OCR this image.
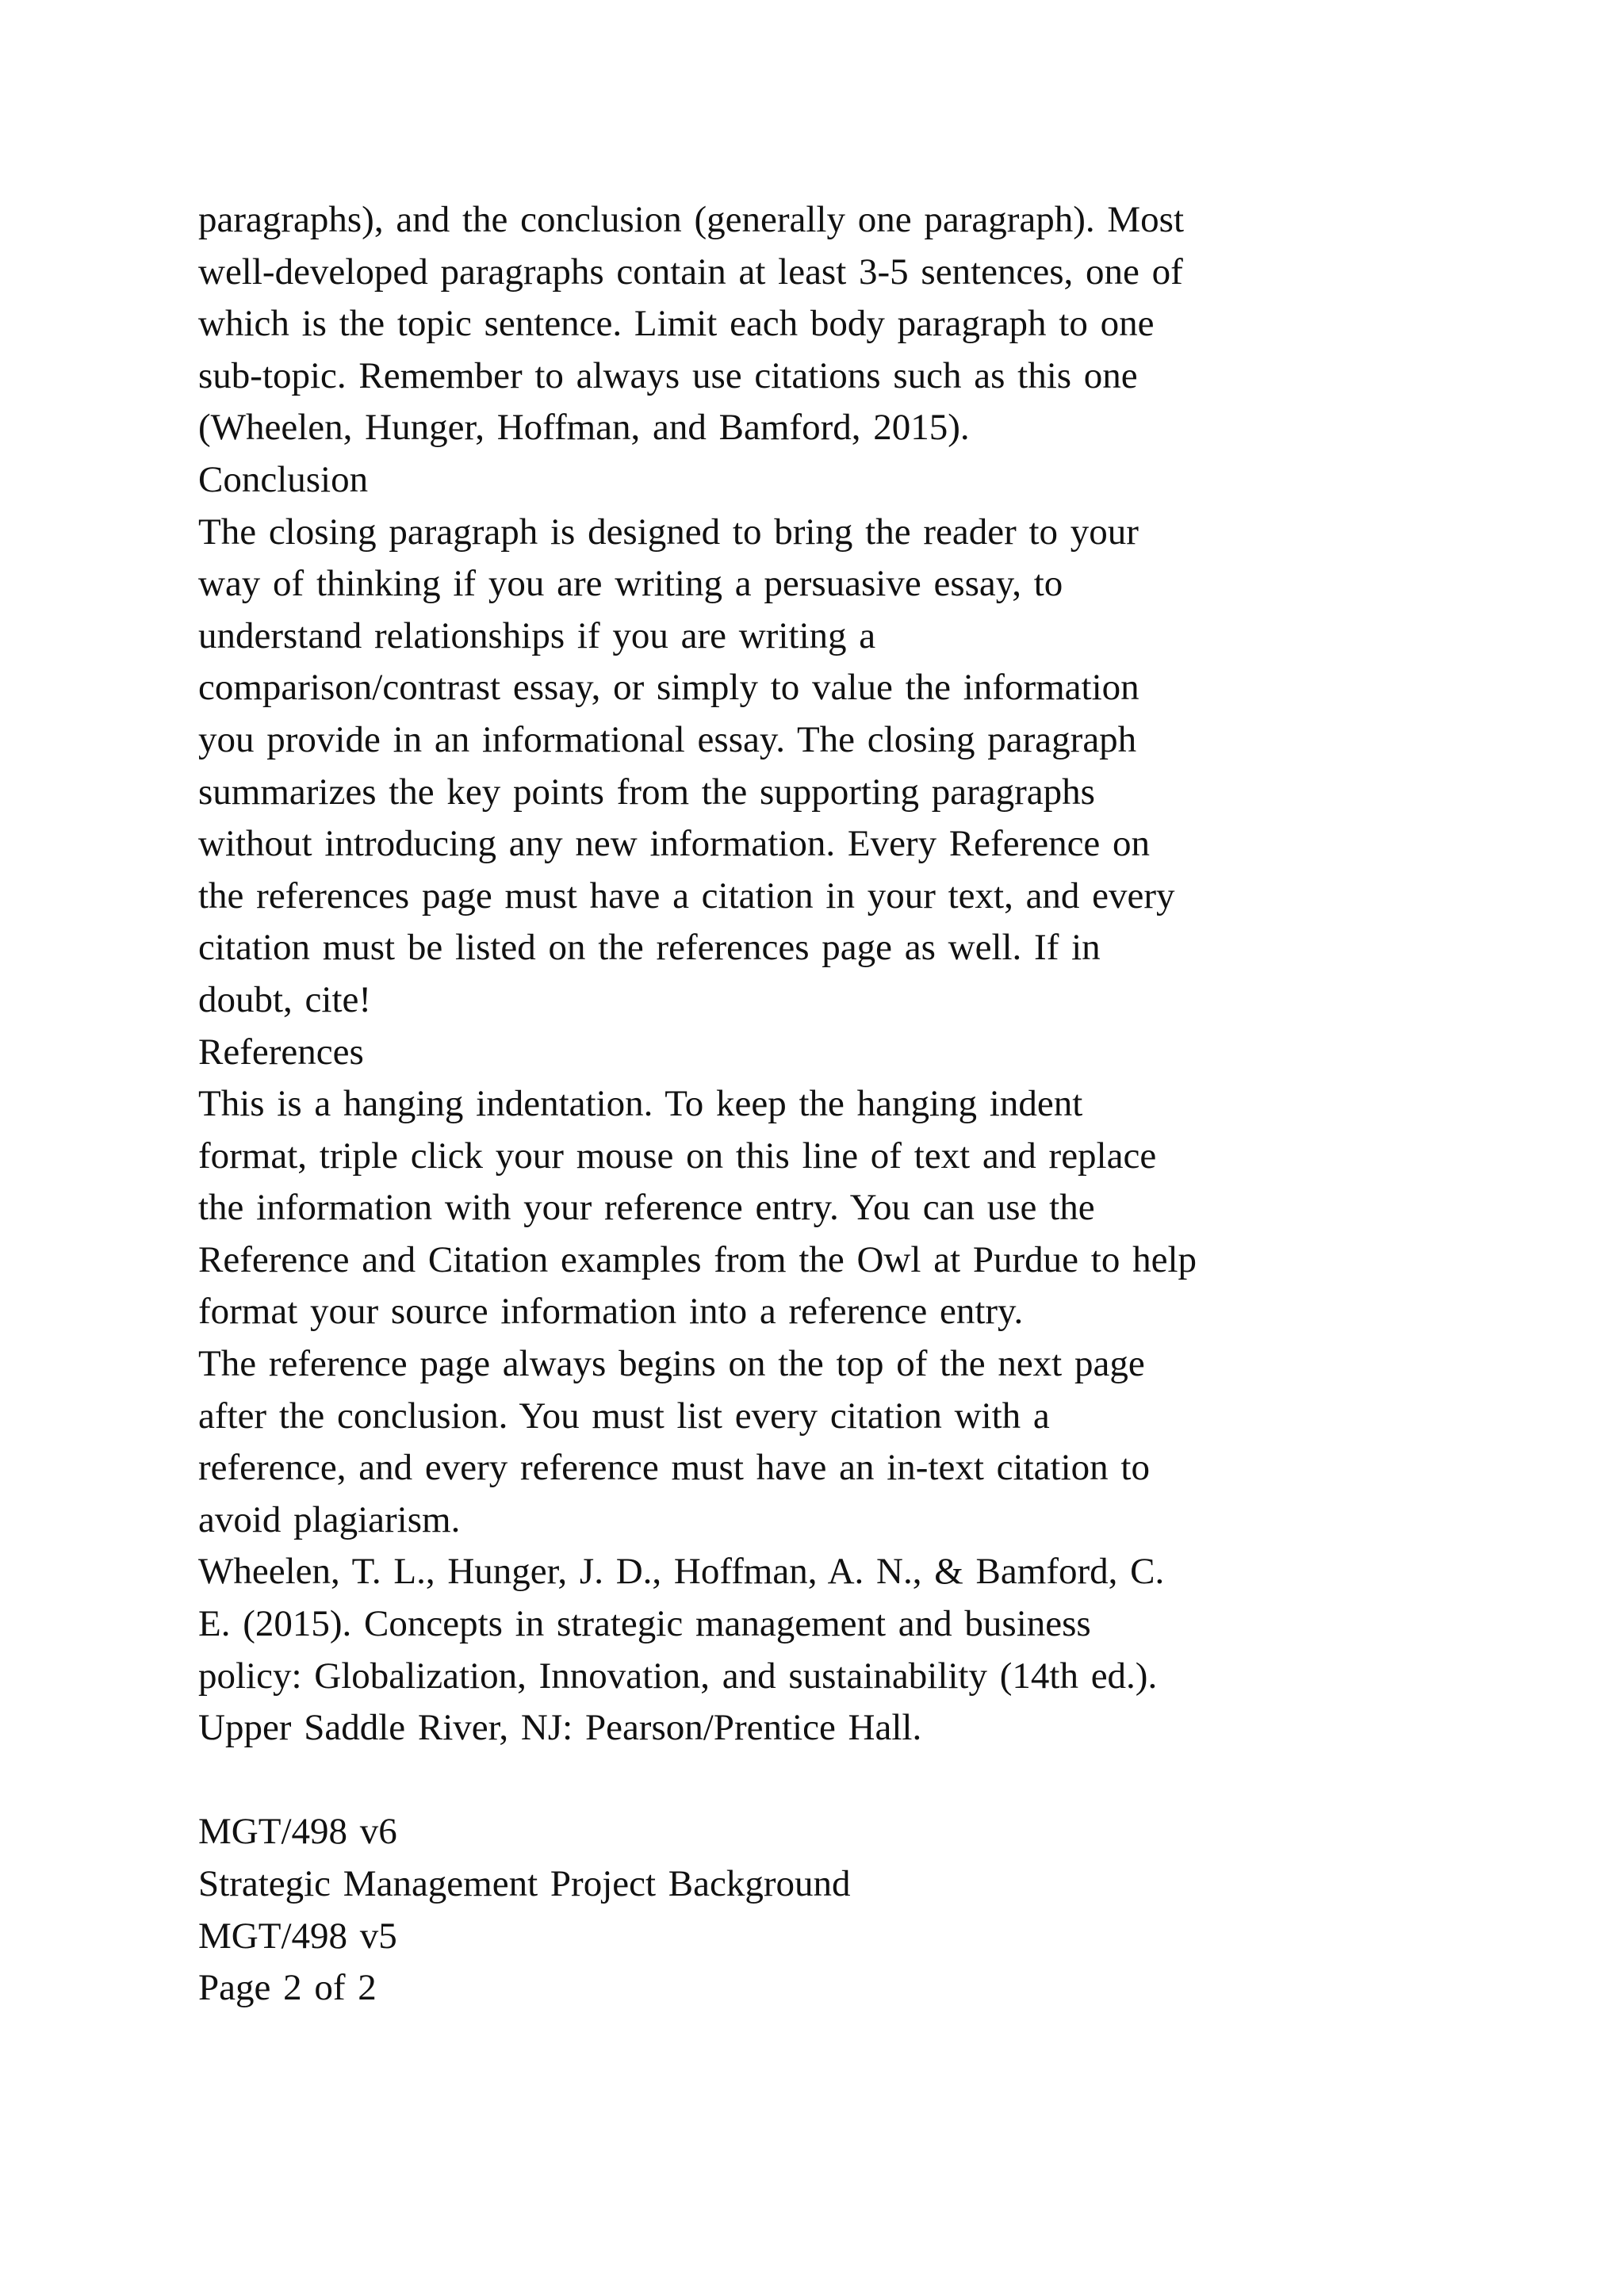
paragraphs), and the conclusion (generally one paragraph). Most
well-developed paragraphs contain at least 3-5 sentences, one of
which is the topic sentence. Limit each body paragraph to one
sub-topic. Remember to always use citations such as this one
(Wheelen, Hunger, Hoffman, and Bamford, 2015).
Conclusion
The closing paragraph is designed to bring the reader to your
way of thinking if you are writing a persuasive essay, to
understand relationships if you are writing a
comparison/contrast essay, or simply to value the information
you provide in an informational essay. The closing paragraph
summarizes the key points from the supporting paragraphs
without introducing any new information. Every Reference on
the references page must have a citation in your text, and every
citation must be listed on the references page as well. If in
doubt, cite!
References
This is a hanging indentation. To keep the hanging indent
format, triple click your mouse on this line of text and replace
the information with your reference entry. You can use the
Reference and Citation examples from the Owl at Purdue to help
format your source information into a reference entry.
The reference page always begins on the top of the next page
after the conclusion. You must list every citation with a
reference, and every reference must have an in-text citation to
avoid plagiarism.
Wheelen, T. L., Hunger, J. D., Hoffman, A. N., & Bamford, C.
E. (2015). Concepts in strategic management and business
policy: Globalization, Innovation, and sustainability (14th ed.).
Upper Saddle River, NJ: Pearson/Prentice Hall.
MGT/498 v6
Strategic Management Project Background
MGT/498 v5
Page 2 of 2
